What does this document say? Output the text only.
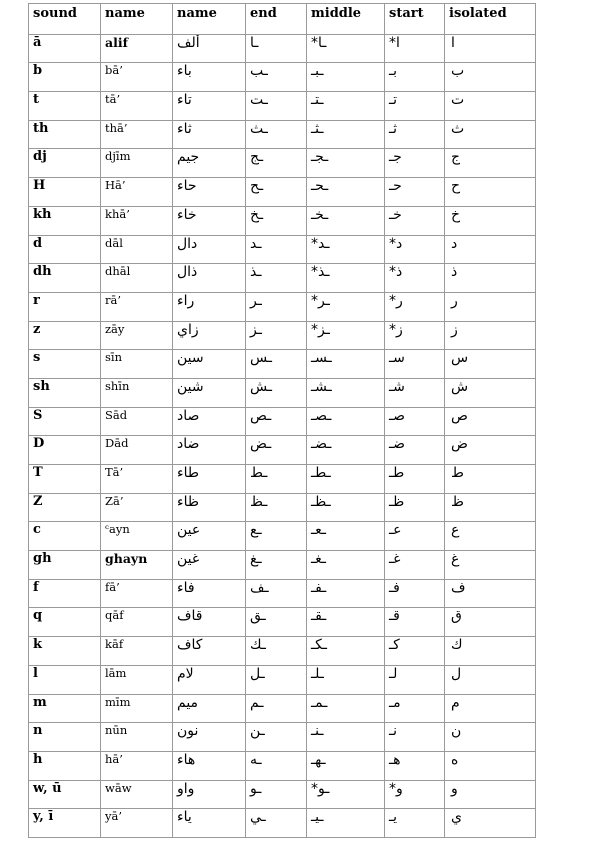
sound	name	name	end	middle	start	isolated
ā	alif	ألف	ـا	ـا*	ا*	ا
b	bā’	باء	ـب	ـبـ	بـ	ب
t	tā’	تاء	ـت	ـتـ	تـ	ت
th	thā’	ثاء	ـث	ـثـ	ثـ	ث
dj	djīm	جيم	ـج	ـجـ	جـ	ج
H	Hā’	حاء	ـح	ـحـ	حـ	ح
kh	khā’	خاء	ـخ	ـخـ	خـ	خ
d	dāl	دال	ـد	ـد*	د*	د
dh	dhāl	ذال	ـذ	ـذ*	ذ*	ذ
r	rā’	راء	ـر	ـر*	ر*	ر
z	zāy	زاي	ـز	ـز*	ز*	ز
s	sīn	سين	ـس	ـسـ	سـ	س
sh	shīn	شين	ـش	ـشـ	شـ	ش
S	Sād	صاد	ـص	ـصـ	صـ	ص
D	Dād	ضاد	ـض	ـضـ	ضـ	ض
T	Tā’	طاء	ـط	ـطـ	طـ	ط
Z	Zā’	ظاء	ـظ	ـظـ	ظـ	ظ
c	ᶜayn	عين	ـع	ـعـ	عـ	ع
gh	ghayn	غين	ـغ	ـغـ	غـ	غ
f	fā’	فاء	ـف	ـفـ	فـ	ف
q	qāf	قاف	ـق	ـقـ	قـ	ق
k	kāf	كاف	ـك	ـكـ	كـ	ك
l	lām	لام	ـل	ـلـ	لـ	ل
m	mīm	ميم	ـم	ـمـ	مـ	م
n	nūn	نون	ـن	ـنـ	نـ	ن
h	hā’	هاء	ـه	ـهـ	هـ	ه
w, ū	wāw	واو	ـو	ـو*	و*	و
y, ī	yā’	ياء	ـي	ـيـ	يـ	ي
